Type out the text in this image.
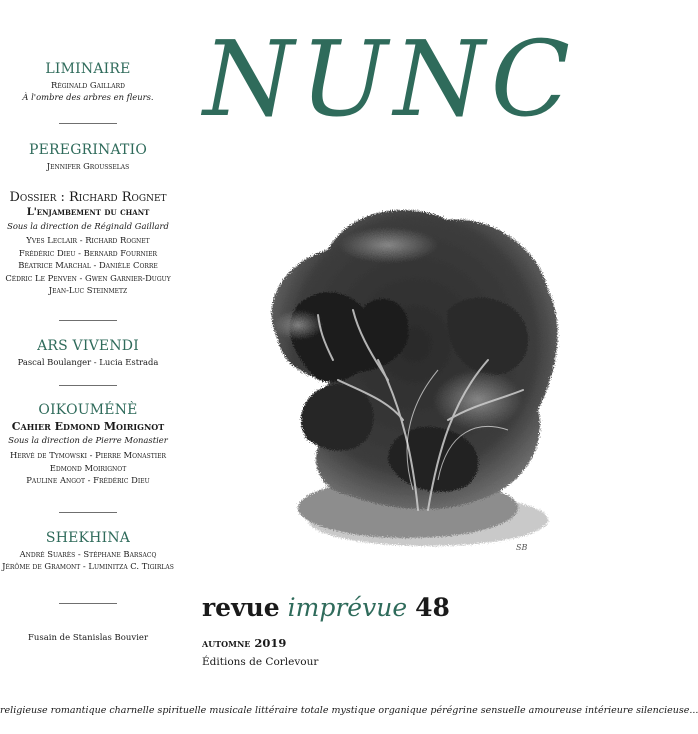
NUNC
LIMINAIRE
Réginald Gaillard
À l'ombre des arbres en fleurs.
PEREGRINATIO
Jennifer Grousselas
Dossier : Richard Rognet
L'enjambement du chant
Sous la direction de Réginald Gaillard
Yves Leclair - Richard Rognet
Frédéric Dieu - Bernard Fournier
Béatrice Marchal - Danièle Corre
Cédric Le Penven - Gwen Garnier-Duguy
Jean-Luc Steinmetz
ARS VIVENDI
Pascal Boulanger - Lucia Estrada
OIKOUMÉNÈ
Cahier Edmond Moirignot
Sous la direction de Pierre Monastier
Hervé de Tymowski - Pierre Monastier
Edmond Moirignot
Pauline Angot - Frédéric Dieu
SHEKHINA
André Suarès - Stéphane Barsacq
Jérôme de Gramont - Luminitza C. Tigirlas
Fusain de Stanislas Bouvier
SB
revue imprévue 48
automne 2019
Éditions de Corlevour
religieuse romantique charnelle spirituelle musicale littéraire totale mystique organique pérégrine sensuelle amoureuse intérieure silencieuse...
